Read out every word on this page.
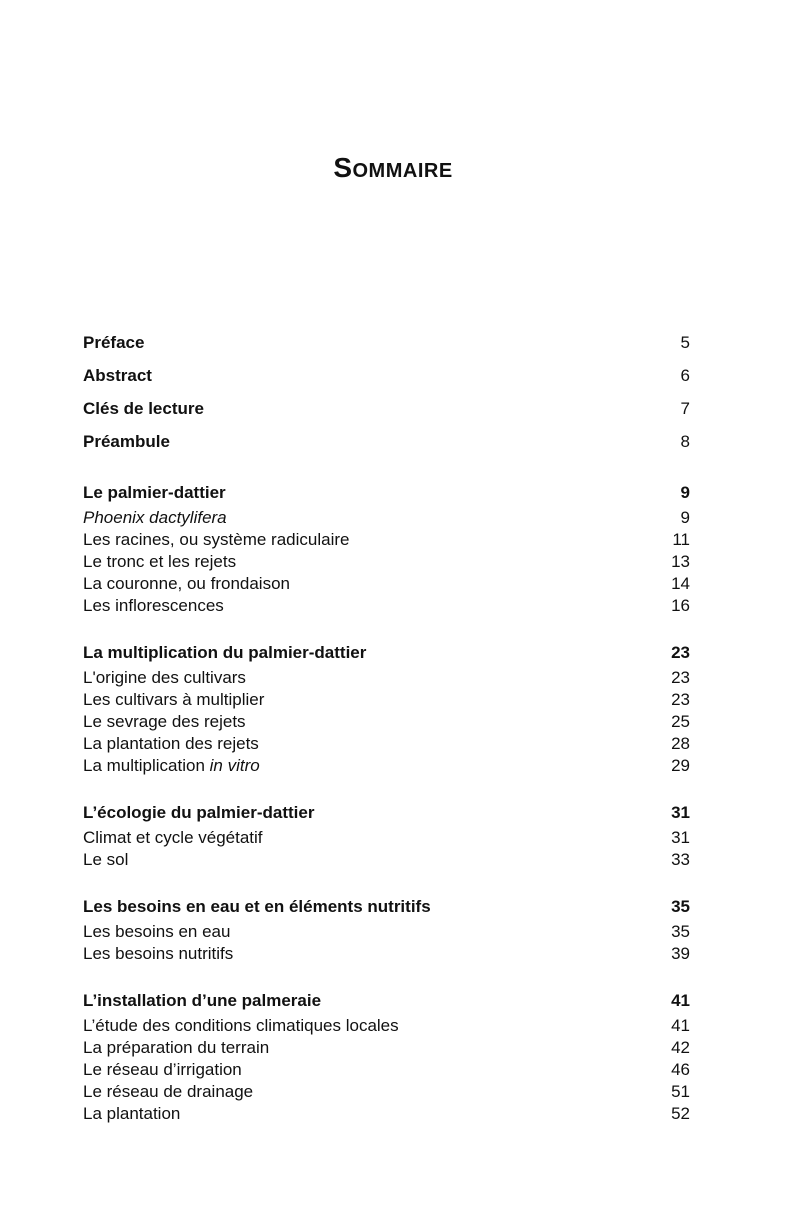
Sommaire
Préface	5
Abstract	6
Clés de lecture	7
Préambule	8
Le palmier-dattier	9
Phoenix dactylifera	9
Les racines, ou système radiculaire	11
Le tronc et les rejets	13
La couronne, ou frondaison	14
Les inflorescences	16
La multiplication du palmier-dattier	23
L'origine des cultivars	23
Les cultivars à multiplier	23
Le sevrage des rejets	25
La plantation des rejets	28
La multiplication in vitro	29
L’écologie du palmier-dattier	31
Climat et cycle végétatif	31
Le sol	33
Les besoins en eau et en éléments nutritifs	35
Les besoins en eau	35
Les besoins nutritifs	39
L’installation d’une palmeraie	41
L’étude des conditions climatiques locales	41
La préparation du terrain	42
Le réseau d’irrigation	46
Le réseau de drainage	51
La plantation	52
